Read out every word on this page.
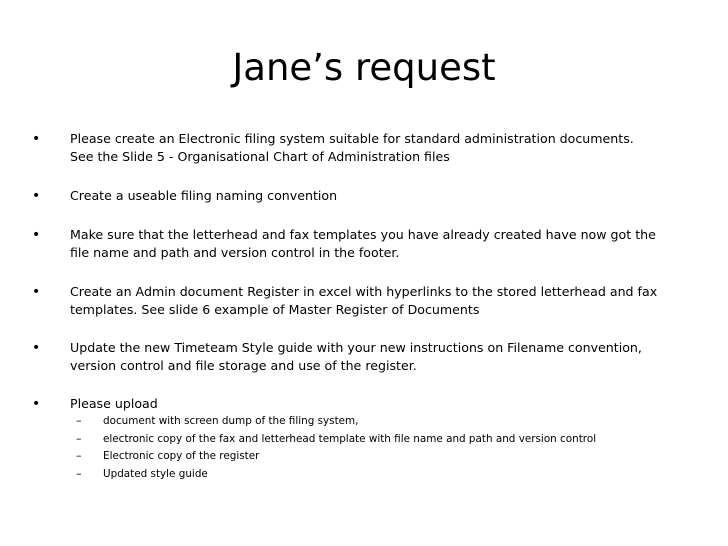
Jane’s request
• Please create an Electronic filing system suitable for standard administration documents.
See the Slide 5 - Organisational Chart of Administration files
• Create a useable filing naming convention
• Make sure that the letterhead and fax templates you have already created have now got the
file name and path and version control in the footer.
• Create an Admin document Register in excel with hyperlinks to the stored letterhead and fax
templates. See slide 6 example of Master Register of Documents
• Update the new Timeteam Style guide with your new instructions on Filename convention,
version control and file storage and use of the register.
• Please upload
– document with screen dump of the filing system,
– electronic copy of the fax and letterhead template with file name and path and version control
– Electronic copy of the register
– Updated style guide
